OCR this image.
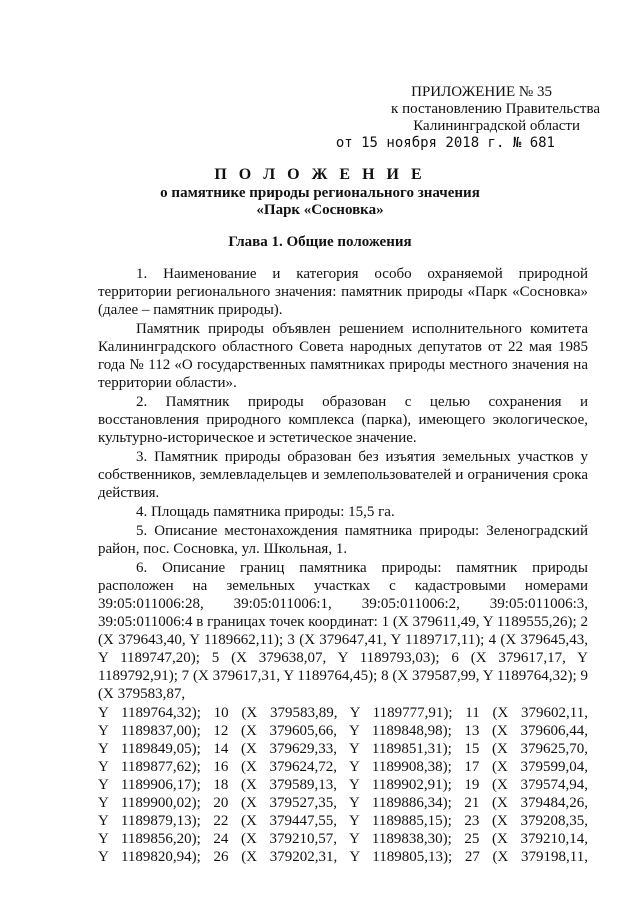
ПРИЛОЖЕНИЕ № 35
к постановлению Правительства
Калининградской области
от 15 ноября 2018 г. № 681
П О Л О Ж Е Н И Е
о памятнике природы регионального значения
«Парк «Сосновка»
Глава 1. Общие положения

1. Наименование и категория особо охраняемой природной территории регионального значения: памятник природы «Парк «Сосновка» (далее – памятник природы).

Памятник природы объявлен решением исполнительного комитета Калининградского областного Совета народных депутатов от 22 мая 1985 года № 112 «О государственных памятниках природы местного значения на территории области».

2. Памятник природы образован с целью сохранения и восстановления природного комплекса (парка), имеющего экологическое, культурно-историческое и эстетическое значение.

3. Памятник природы образован без изъятия земельных участков у собственников, землевладельцев и землепользователей и ограничения срока действия.

4. Площадь памятника природы: 15,5 га.

5. Описание местонахождения памятника природы: Зеленоградский район, пос. Сосновка, ул. Школьная, 1.

6. Описание границ памятника природы: памятник природы расположен на земельных участках с кадастровыми номерами 39:05:011006:28, 39:05:011006:1, 39:05:011006:2, 39:05:011006:3, 39:05:011006:4 в границах точек координат: 1 (X 379611,49, Y 1189555,26); 2 (X 379643,40, Y 1189662,11); 3 (X 379647,41, Y 1189717,11); 4 (X 379645,43, Y 1189747,20); 5 (X 379638,07, Y 1189793,03); 6 (X 379617,17, Y 1189792,91); 7 (X 379617,31, Y 1189764,45); 8 (X 379587,99, Y 1189764,32); 9 (X 379583,87,

Y 1189764,32); 10 (X 379583,89, Y 1189777,91); 11 (X 379602,11,
Y 1189837,00); 12 (X 379605,66, Y 1189848,98); 13 (X 379606,44,
Y 1189849,05); 14 (X 379629,33, Y 1189851,31); 15 (X 379625,70,
Y 1189877,62); 16 (X 379624,72, Y 1189908,38); 17 (X 379599,04,
Y 1189906,17); 18 (X 379589,13, Y 1189902,91); 19 (X 379574,94,
Y 1189900,02); 20 (X 379527,35, Y 1189886,34); 21 (X 379484,26,
Y 1189879,13); 22 (X 379447,55, Y 1189885,15); 23 (X 379208,35,
Y 1189856,20); 24 (X 379210,57, Y 1189838,30); 25 (X 379210,14,
Y 1189820,94); 26 (X 379202,31, Y 1189805,13); 27 (X 379198,11,
